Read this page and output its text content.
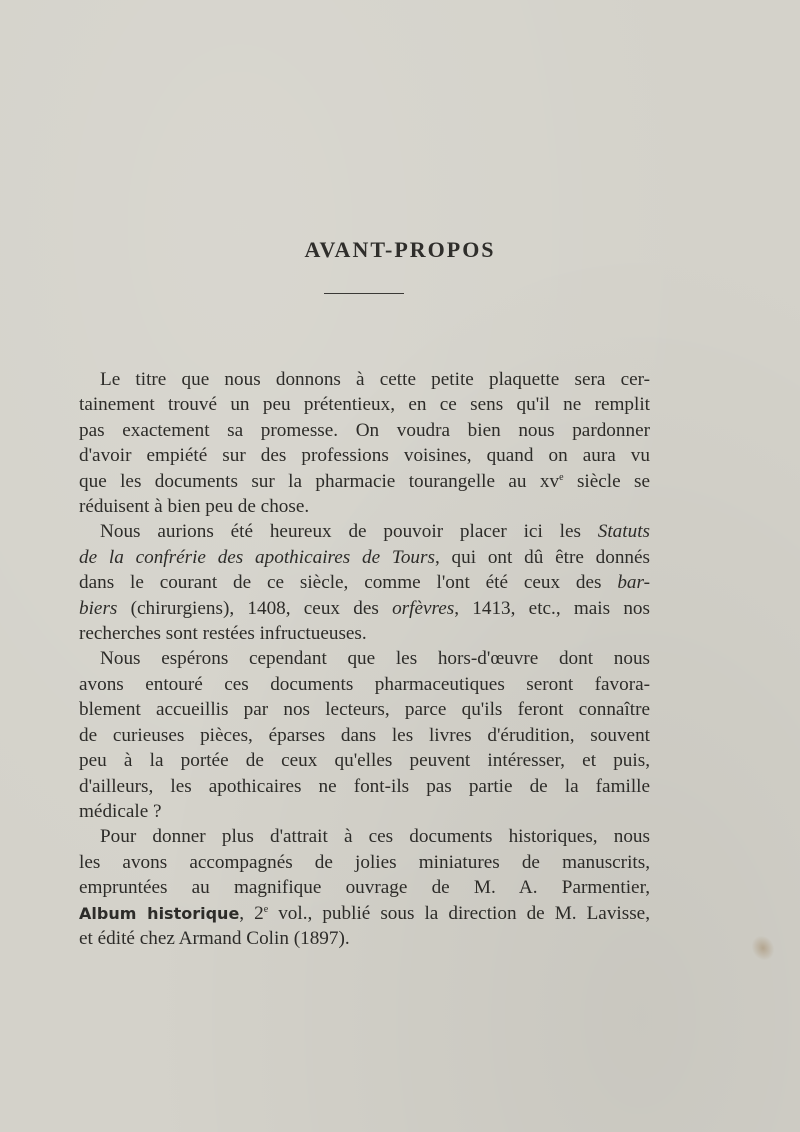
AVANT-PROPOS

Le titre que nous donnons à cette petite plaquette sera cer-
tainement trouvé un peu prétentieux, en ce sens qu'il ne remplit
pas exactement sa promesse. On voudra bien nous pardonner
d'avoir empiété sur des professions voisines, quand on aura vu
que les documents sur la pharmacie tourangelle au $xv^e$ siècle se
réduisent à bien peu de chose.

Nous aurions été heureux de pouvoir placer ici les Statuts
de la confrérie des apothicaires de Tours, qui ont dû être donnés
dans le courant de ce siècle, comme l'ont été ceux des bar-
biers (chirurgiens), 1408, ceux des orfèvres, 1413, etc., mais nos
recherches sont restées infructueuses.

Nous espérons cependant que les hors-d'œuvre dont nous
avons entouré ces documents pharmaceutiques seront favora-
blement accueillis par nos lecteurs, parce qu'ils feront connaître
de curieuses pièces, éparses dans les livres d'érudition, souvent
peu à la portée de ceux qu'elles peuvent intéresser, et puis,
d'ailleurs, les apothicaires ne font-ils pas partie de la famille
médicale ?

Pour donner plus d'attrait à ces documents historiques, nous
les avons accompagnés de jolies miniatures de manuscrits,
empruntées au magnifique ouvrage de M. A. Parmentier,
Album historique, 2e vol., publié sous la direction de M. Lavisse,
et édité chez Armand Colin (1897).
